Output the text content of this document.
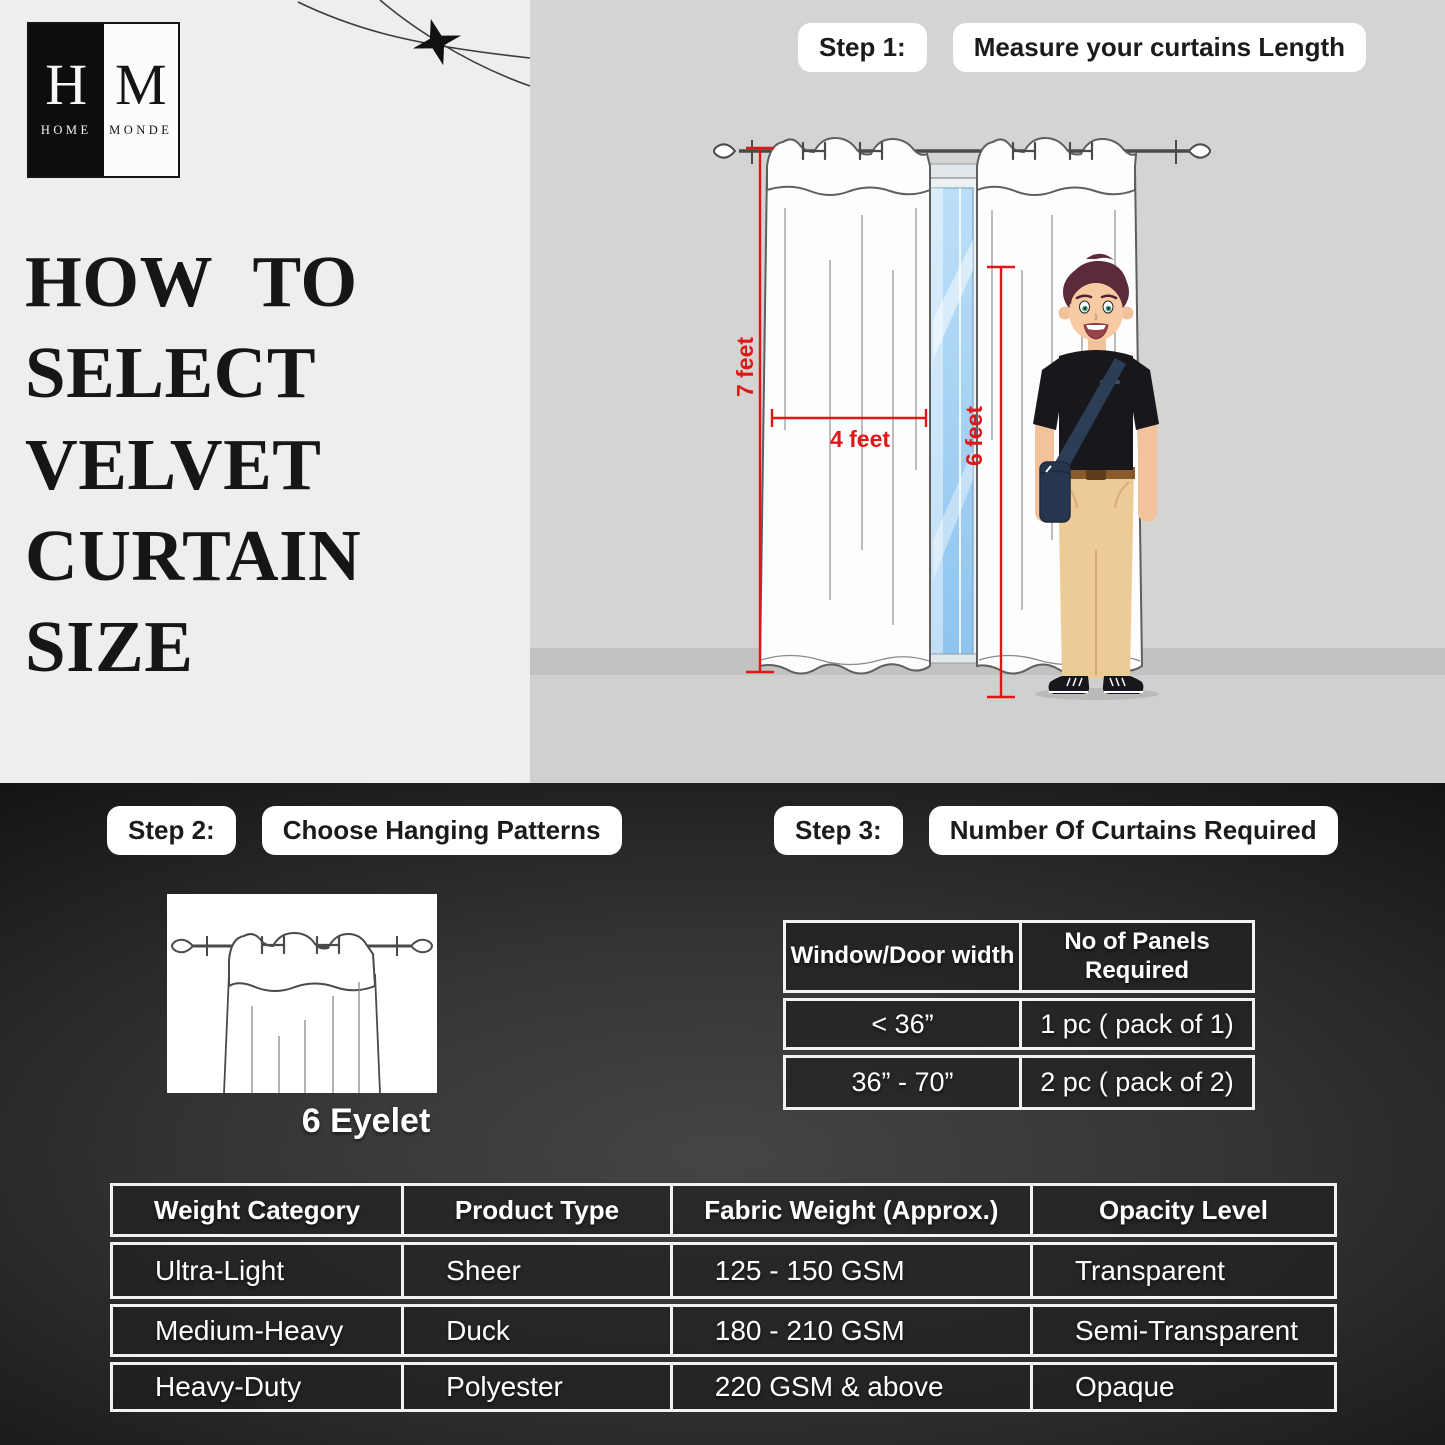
H
HOME
M
MONDE
HOW TO
SELECT
VELVET
CURTAIN
SIZE
Step 1:	Measure your curtains Length
7 feet
4 feet	6 feet
Step 2:	Choose Hanging Patterns	Step 3:	Number Of Curtains Required
6 Eyelet
Window/Door width
No of Panels Required
< 36”	1 pc ( pack of 1)
36” - 70”	2 pc ( pack of 2)
Weight Category	Product Type	Fabric Weight (Approx.)	Opacity Level
Ultra-Light	Sheer	125 - 150 GSM	Transparent
Medium-Heavy	Duck	180 - 210 GSM	Semi-Transparent
Heavy-Duty	Polyester	220 GSM & above	Opaque
